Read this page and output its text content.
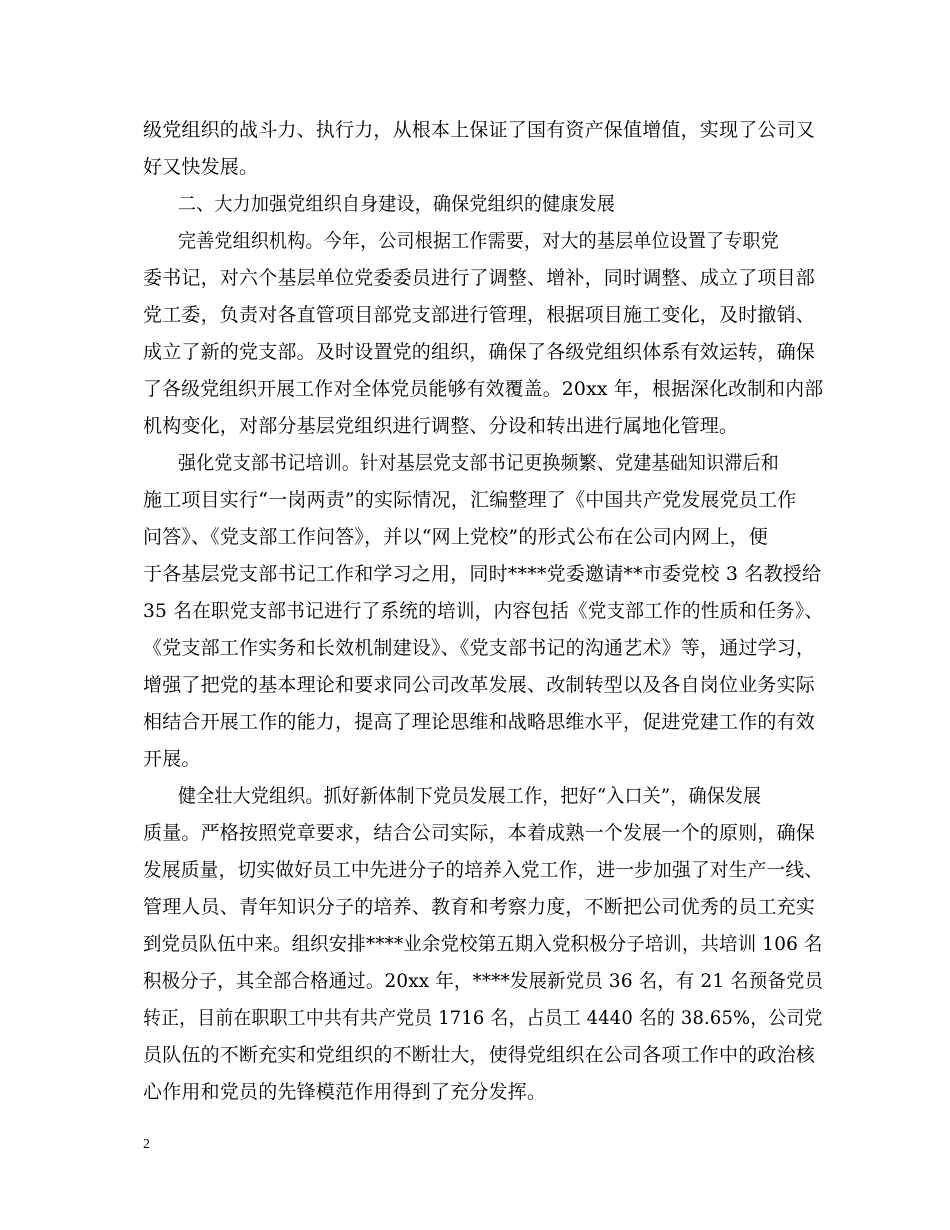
级党组织的战斗力、执行力，从根本上保证了国有资产保值增值，实现了公司又
好又快发展。
二、大力加强党组织自身建设，确保党组织的健康发展
完善党组织机构。今年，公司根据工作需要，对大的基层单位设置了专职党
委书记，对六个基层单位党委委员进行了调整、增补，同时调整、成立了项目部
党工委，负责对各直管项目部党支部进行管理，根据项目施工变化，及时撤销、
成立了新的党支部。及时设置党的组织，确保了各级党组织体系有效运转，确保
了各级党组织开展工作对全体党员能够有效覆盖。20xx 年，根据深化改制和内部
机构变化，对部分基层党组织进行调整、分设和转出进行属地化管理。
强化党支部书记培训。针对基层党支部书记更换频繁、党建基础知识滞后和
施工项目实行“一岗两责”的实际情况，汇编整理了《中国共产党发展党员工作
问答》、《党支部工作问答》，并以“网上党校”的形式公布在公司内网上，便
于各基层党支部书记工作和学习之用，同时****党委邀请**市委党校 3 名教授给
35 名在职党支部书记进行了系统的培训，内容包括《党支部工作的性质和任务》、
《党支部工作实务和长效机制建设》、《党支部书记的沟通艺术》等，通过学习，
增强了把党的基本理论和要求同公司改革发展、改制转型以及各自岗位业务实际
相结合开展工作的能力，提高了理论思维和战略思维水平，促进党建工作的有效
开展。
健全壮大党组织。抓好新体制下党员发展工作，把好“入口关”，确保发展
质量。严格按照党章要求，结合公司实际，本着成熟一个发展一个的原则，确保
发展质量，切实做好员工中先进分子的培养入党工作，进一步加强了对生产一线、
管理人员、青年知识分子的培养、教育和考察力度，不断把公司优秀的员工充实
到党员队伍中来。组织安排****业余党校第五期入党积极分子培训，共培训 106 名
积极分子，其全部合格通过。20xx 年，****发展新党员 36 名，有 21 名预备党员
转正，目前在职职工中共有共产党员 1716 名，占员工 4440 名的 38.65%，公司党
员队伍的不断充实和党组织的不断壮大，使得党组织在公司各项工作中的政治核
心作用和党员的先锋模范作用得到了充分发挥。
2
